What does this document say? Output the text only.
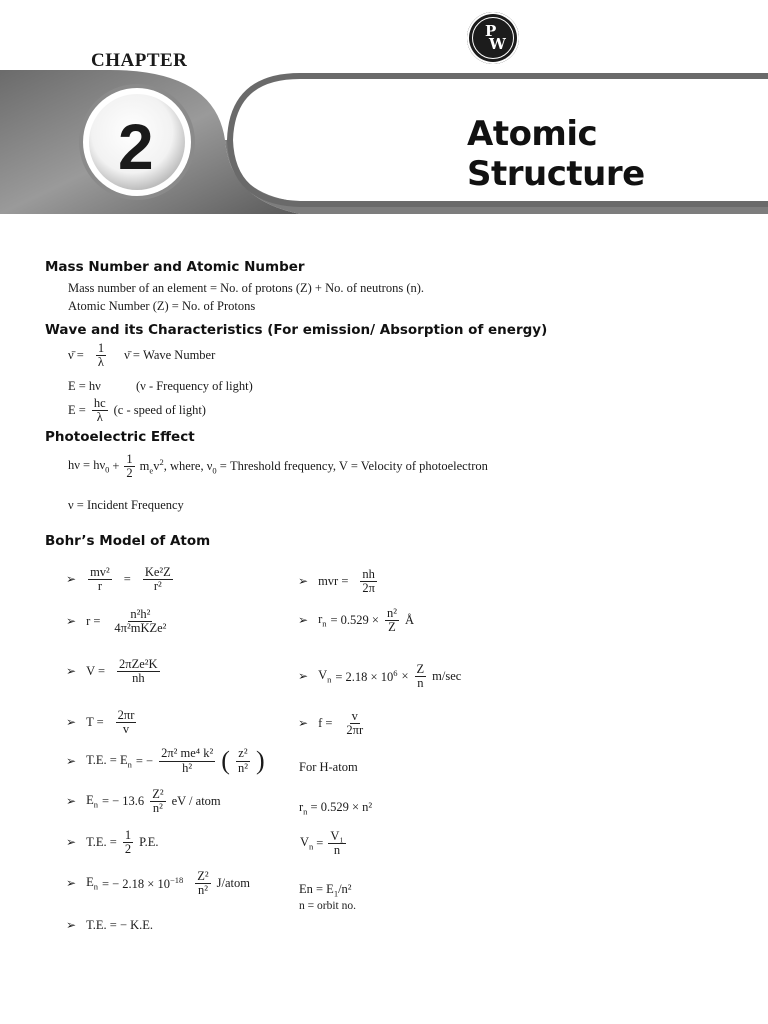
CHAPTER
P
W
2	Atomic Structure
Mass Number and Atomic Number
Mass number of an element = No. of protons (Z) + No. of neutrons (n).
Atomic Number (Z) = No. of Protons
Wave and its Characteristics (For emission/ Absorption of energy)
ν̄ = $\frac{1}{\lambda}$ ν̄ = Wave Number
E = hν	(ν - Frequency of light)
$E = \frac{hc}{\lambda} (c$ - speed of light)
Photoelectric Effect
$h\nu = h\nu_0 + \frac{1}{2} m_ev^2$, where, $\nu_0$ = Threshold frequency, V = Velocity of photoelectron
ν = Incident Frequency
Bohr’s Model of Atom
➢ $\frac{\text{mv²}}{r} = \frac{\text{Ke²Z}}{\text{r²}}$
➢ $r = \frac{\text{n²h²}}{\text{4π²mKZe²}}$
➢ $V = \frac{\text{2πZe²K}}{nh}$
➢ $T = \frac{2\pi r}{v}$
➢ T.E. = $E_n$ = − $\frac{\text{2π² me⁴ k²}}{\text{h²}}$ ( $\frac{\text{z²}}{\text{n²}}$ )
➢ $E_n$ = − $13.6 \frac{\text{Z²}}{\text{n²}}$ eV / atom
➢ T.E. = $\frac{1}{2} P.E$.
➢ $E_n$ = − $2.18 \times 10^{-18} \frac{\text{Z²}}{\text{n²}}$ J/atom
➢ T.E. = − K.E.
➢ mvr = $\frac{nh}{2\pi}$
➢ $r_n = 0.529 \times \frac{\text{n²}}{Z}$ Å
➢ $V_n = 2.18 \times 10^6 \times \frac{Z}{n} m/\sec$
➢ $f = \frac{v}{2\pi r}$
For H-atom
$r_n = 0.529 \times n^2$
$V_n = \frac{\text{V₁}}{n}$
$En = E_1/n^2$
n = orbit no.
